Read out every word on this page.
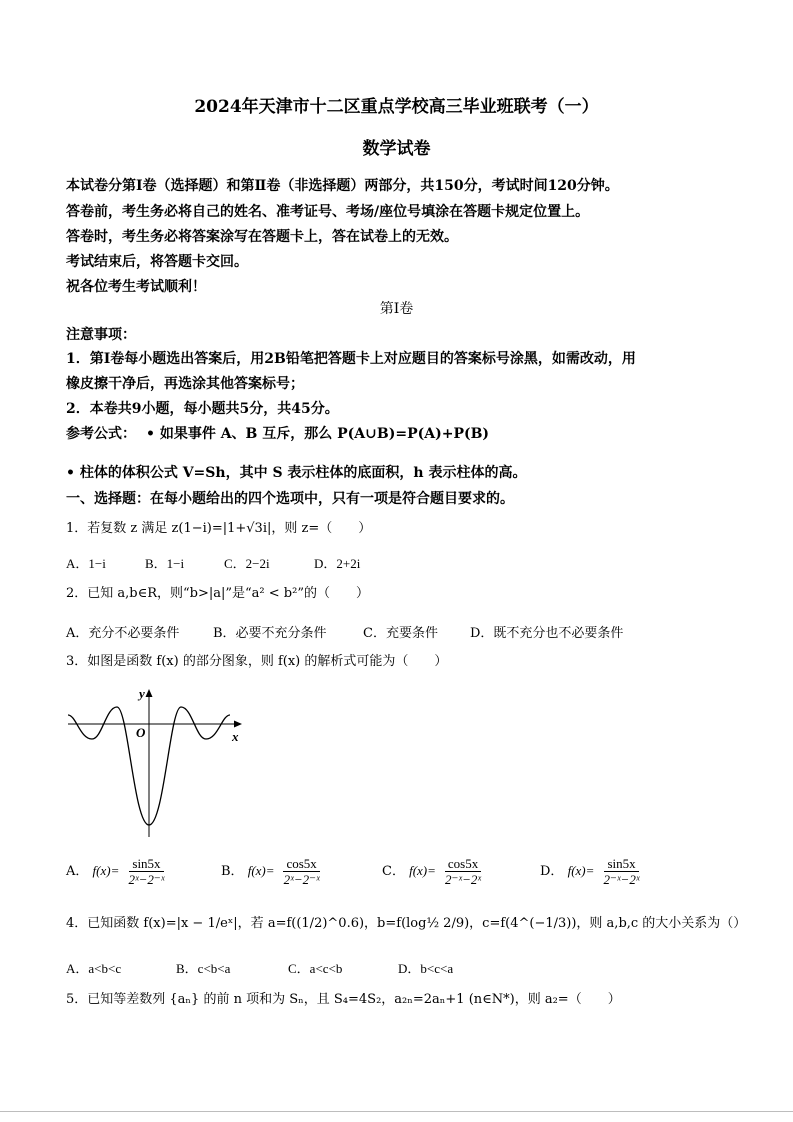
2024年天津市十二区重点学校高三毕业班联考（一）
数学试卷
本试卷分第Ⅰ卷（选择题）和第Ⅱ卷（非选择题）两部分，共150分，考试时间120分钟。
答卷前，考生务必将自己的姓名、准考证号、考场/座位号填涂在答题卡规定位置上。
答卷时，考生务必将答案涂写在答题卡上，答在试卷上的无效。
考试结束后，将答题卡交回。
祝各位考生考试顺利！
第Ⅰ卷
注意事项：
1．第Ⅰ卷每小题选出答案后，用2B铅笔把答题卡上对应题目的答案标号涂黑，如需改动，用
橡皮擦干净后，再选涂其他答案标号；
2．本卷共9小题，每小题共5分，共45分。
参考公式： • 如果事件 A、B 互斥，那么 P(A∪B)=P(A)+P(B)
• 柱体的体积公式 V=Sh，其中 S 表示柱体的底面积，h 表示柱体的高。
一、选择题：在每小题给出的四个选项中，只有一项是符合题目要求的。
1．若复数 z 满足 z(1−i)=|1+√3i|，则 z=（　　）
A．1−i	B．1−i	C．2−2i	D．2+2i
2．已知 a,b∈R，则“b>|a|”是“a² < b²”的（　　）
A．充分不必要条件	B．必要不充分条件	C．充要条件 D．既不充分也不必要条件
3．如图是函数 f(x) 的部分图象，则 f(x) 的解析式可能为（　　）
y
O	x
A． $f(x)= \frac{\sin 5x}{\text{2ˣ−2⁻ˣ}}$	B． $f(x)= \frac{\cos 5x}{\text{2ˣ−2⁻ˣ}}$	C． $f(x)= \frac{\cos 5x}{\text{2⁻ˣ−2ˣ}}$	D． $f(x)= \frac{\sin 5x}{\text{2⁻ˣ−2ˣ}}$
4．已知函数 f(x)=|x − 1/eˣ|，若 a=f((1/2)^0.6)，b=f(log½ 2/9)，c=f(4^(−1/3))，则 a,b,c 的大小关系为（）
A．a<b<c	B．c<b<a	C．a<c<b	D．b<c<a
5．已知等差数列 {aₙ} 的前 n 项和为 Sₙ，且 S₄=4S₂，a₂ₙ=2aₙ+1 (n∈N*)，则 a₂=（　　）
